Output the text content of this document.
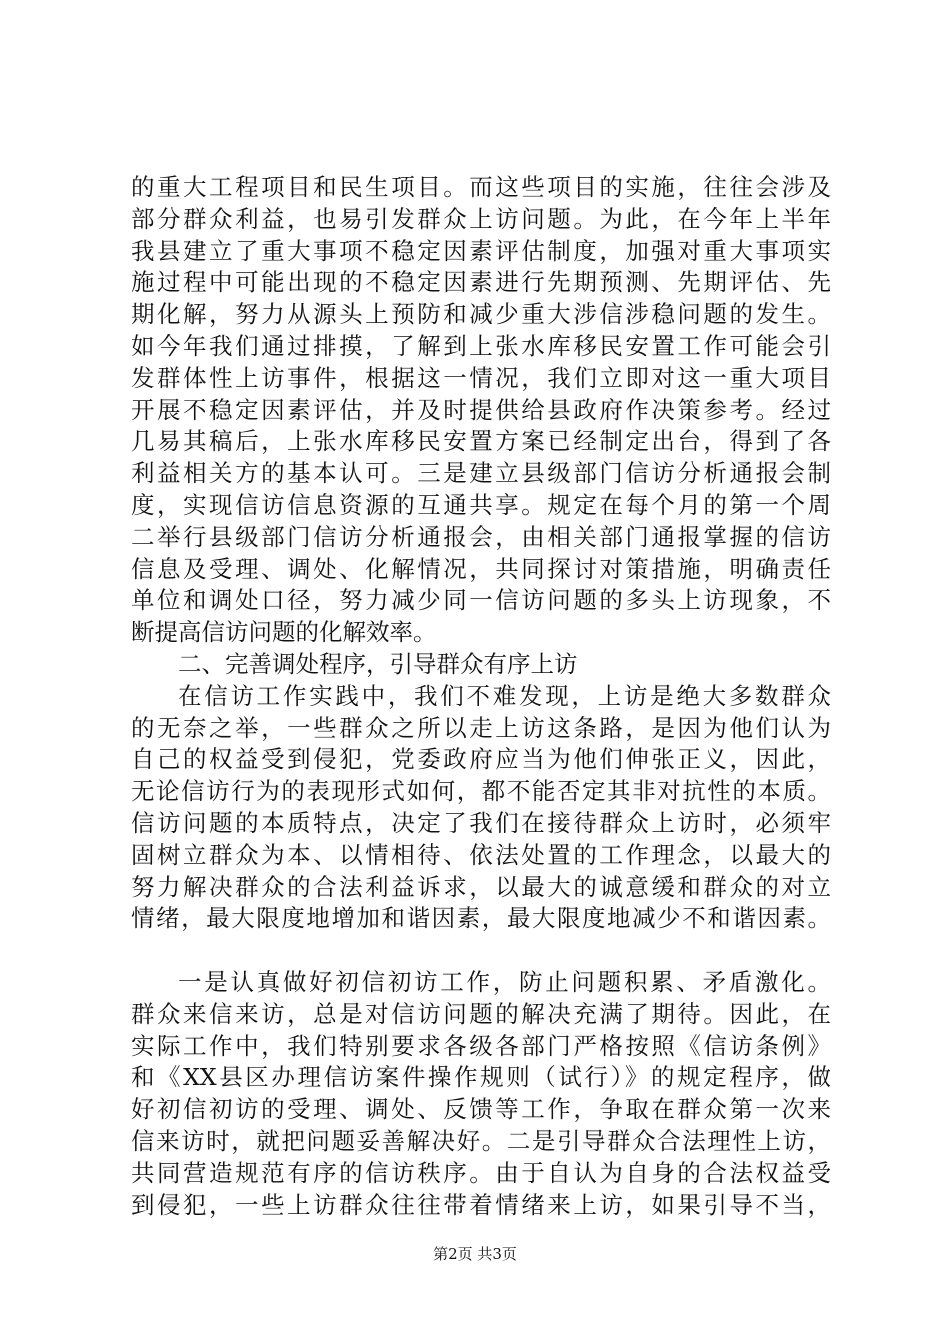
的重大工程项目和民生项目。而这些项目的实施，往往会涉及
部分群众利益，也易引发群众上访问题。为此，在今年上半年
我县建立了重大事项不稳定因素评估制度，加强对重大事项实
施过程中可能出现的不稳定因素进行先期预测、先期评估、先
期化解，努力从源头上预防和减少重大涉信涉稳问题的发生。
如今年我们通过排摸，了解到上张水库移民安置工作可能会引
发群体性上访事件，根据这一情况，我们立即对这一重大项目
开展不稳定因素评估，并及时提供给县政府作决策参考。经过
几易其稿后，上张水库移民安置方案已经制定出台，得到了各
利益相关方的基本认可。三是建立县级部门信访分析通报会制
度，实现信访信息资源的互通共享。规定在每个月的第一个周
二举行县级部门信访分析通报会，由相关部门通报掌握的信访
信息及受理、调处、化解情况，共同探讨对策措施，明确责任
单位和调处口径，努力减少同一信访问题的多头上访现象，不
断提高信访问题的化解效率。
二、完善调处程序，引导群众有序上访
在信访工作实践中，我们不难发现，上访是绝大多数群众
的无奈之举，一些群众之所以走上访这条路，是因为他们认为
自己的权益受到侵犯，党委政府应当为他们伸张正义，因此，
无论信访行为的表现形式如何，都不能否定其非对抗性的本质。
信访问题的本质特点，决定了我们在接待群众上访时，必须牢
固树立群众为本、以情相待、依法处置的工作理念，以最大的
努力解决群众的合法利益诉求，以最大的诚意缓和群众的对立
情绪，最大限度地增加和谐因素，最大限度地减少不和谐因素。
一是认真做好初信初访工作，防止问题积累、矛盾激化。
群众来信来访，总是对信访问题的解决充满了期待。因此，在
实际工作中，我们特别要求各级各部门严格按照《信访条例》
和《XX县区办理信访案件操作规则（试行）》的规定程序，做
好初信初访的受理、调处、反馈等工作，争取在群众第一次来
信来访时，就把问题妥善解决好。二是引导群众合法理性上访，
共同营造规范有序的信访秩序。由于自认为自身的合法权益受
到侵犯，一些上访群众往往带着情绪来上访，如果引导不当，
第2页 共3页
